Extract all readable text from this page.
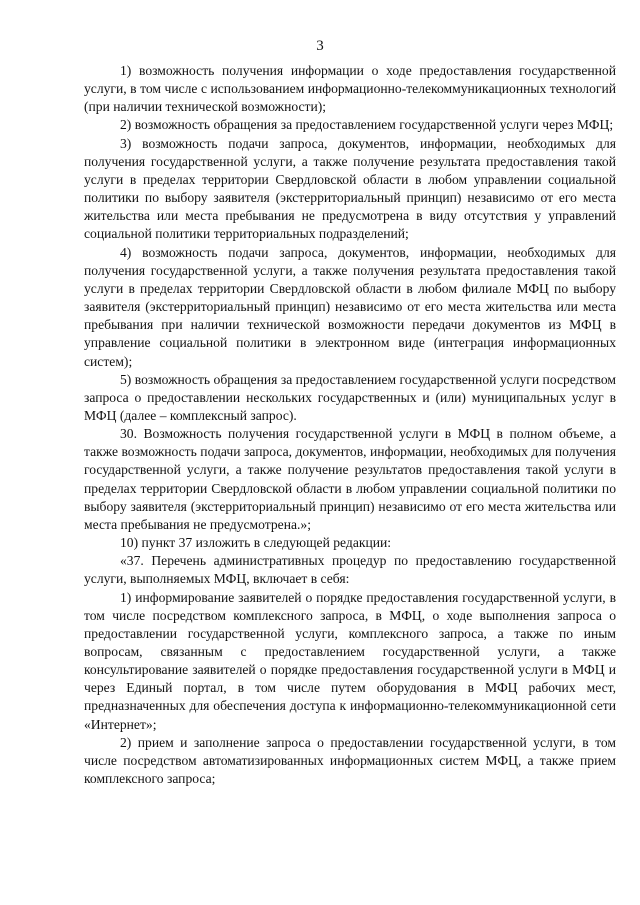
3

1) возможность получения информации о ходе предоставления государственной услуги, в том числе с использованием информационно-телекоммуникационных технологий (при наличии технической возможности);

2) возможность обращения за предоставлением государственной услуги через МФЦ;

3) возможность подачи запроса, документов, информации, необходимых для получения государственной услуги, а также получение результата предоставления такой услуги в пределах территории Свердловской области в любом управлении социальной политики по выбору заявителя (экстерриториальный принцип) независимо от его места жительства или места пребывания не предусмотрена в виду отсутствия у управлений социальной политики территориальных подразделений;

4) возможность подачи запроса, документов, информации, необходимых для получения государственной услуги, а также получения результата предоставления такой услуги в пределах территории Свердловской области в любом филиале МФЦ по выбору заявителя (экстерриториальный принцип) независимо от его места жительства или места пребывания при наличии технической возможности передачи документов из МФЦ в управление социальной политики в электронном виде (интеграция информационных систем);

5) возможность обращения за предоставлением государственной услуги посредством запроса о предоставлении нескольких государственных и (или) муниципальных услуг в МФЦ (далее – комплексный запрос).

30. Возможность получения государственной услуги в МФЦ в полном объеме, а также возможность подачи запроса, документов, информации, необходимых для получения государственной услуги, а также получение результатов предоставления такой услуги в пределах территории Свердловской области в любом управлении социальной политики по выбору заявителя (экстерриториальный принцип) независимо от его места жительства или места пребывания не предусмотрена.»;

10) пункт 37 изложить в следующей редакции:

«37. Перечень административных процедур по предоставлению государственной услуги, выполняемых МФЦ, включает в себя:

1) информирование заявителей о порядке предоставления государственной услуги, в том числе посредством комплексного запроса, в МФЦ, о ходе выполнения запроса о предоставлении государственной услуги, комплексного запроса, а также по иным вопросам, связанным с предоставлением государственной услуги, а также консультирование заявителей о порядке предоставления государственной услуги в МФЦ и через Единый портал, в том числе путем оборудования в МФЦ рабочих мест, предназначенных для обеспечения доступа к информационно-телекоммуникационной сети «Интернет»;

2) прием и заполнение запроса о предоставлении государственной услуги, в том числе посредством автоматизированных информационных систем МФЦ, а также прием комплексного запроса;
